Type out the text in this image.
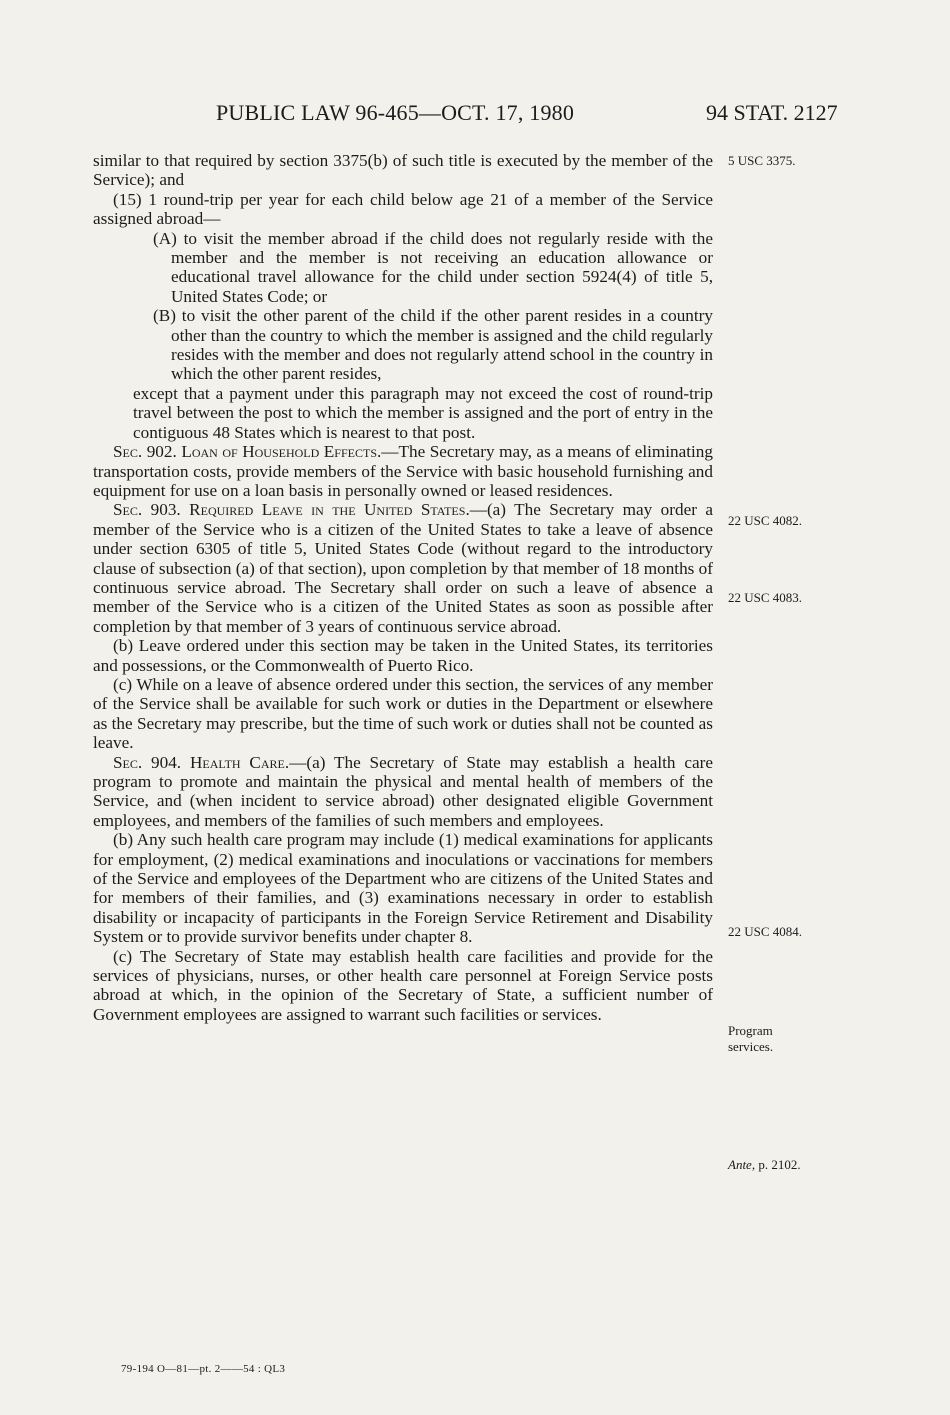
PUBLIC LAW 96-465—OCT. 17, 1980	94 STAT. 2127

similar to that required by section 3375(b) of such title is executed by the member of the Service); and

(15) 1 round-trip per year for each child below age 21 of a member of the Service assigned abroad—

(A) to visit the member abroad if the child does not regularly reside with the member and the member is not receiving an education allowance or educational travel allowance for the child under section 5924(4) of title 5, United States Code; or

(B) to visit the other parent of the child if the other parent resides in a country other than the country to which the member is assigned and the child regularly resides with the member and does not regularly attend school in the country in which the other parent resides,

except that a payment under this paragraph may not exceed the cost of round-trip travel between the post to which the member is assigned and the port of entry in the contiguous 48 States which is nearest to that post.

Sec. 902. Loan of Household Effects.—The Secretary may, as a means of eliminating transportation costs, provide members of the Service with basic household furnishing and equipment for use on a loan basis in personally owned or leased residences.

Sec. 903. Required Leave in the United States.—(a) The Secretary may order a member of the Service who is a citizen of the United States to take a leave of absence under section 6305 of title 5, United States Code (without regard to the introductory clause of subsection (a) of that section), upon completion by that member of 18 months of continuous service abroad. The Secretary shall order on such a leave of absence a member of the Service who is a citizen of the United States as soon as possible after completion by that member of 3 years of continuous service abroad.

(b) Leave ordered under this section may be taken in the United States, its territories and possessions, or the Commonwealth of Puerto Rico.

(c) While on a leave of absence ordered under this section, the services of any member of the Service shall be available for such work or duties in the Department or elsewhere as the Secretary may prescribe, but the time of such work or duties shall not be counted as leave.

Sec. 904. Health Care.—(a) The Secretary of State may establish a health care program to promote and maintain the physical and mental health of members of the Service, and (when incident to service abroad) other designated eligible Government employees, and members of the families of such members and employees.

(b) Any such health care program may include (1) medical examinations for applicants for employment, (2) medical examinations and inoculations or vaccinations for members of the Service and employees of the Department who are citizens of the United States and for members of their families, and (3) examinations necessary in order to establish disability or incapacity of participants in the Foreign Service Retirement and Disability System or to provide survivor benefits under chapter 8.

(c) The Secretary of State may establish health care facilities and provide for the services of physicians, nurses, or other health care personnel at Foreign Service posts abroad at which, in the opinion of the Secretary of State, a sufficient number of Government employees are assigned to warrant such facilities or services.

5 USC 3375.
22 USC 4082.
22 USC 4083.
22 USC 4084.
Program
services.
Ante, p. 2102.
79-194 O—81—pt. 2——54 : QL3
